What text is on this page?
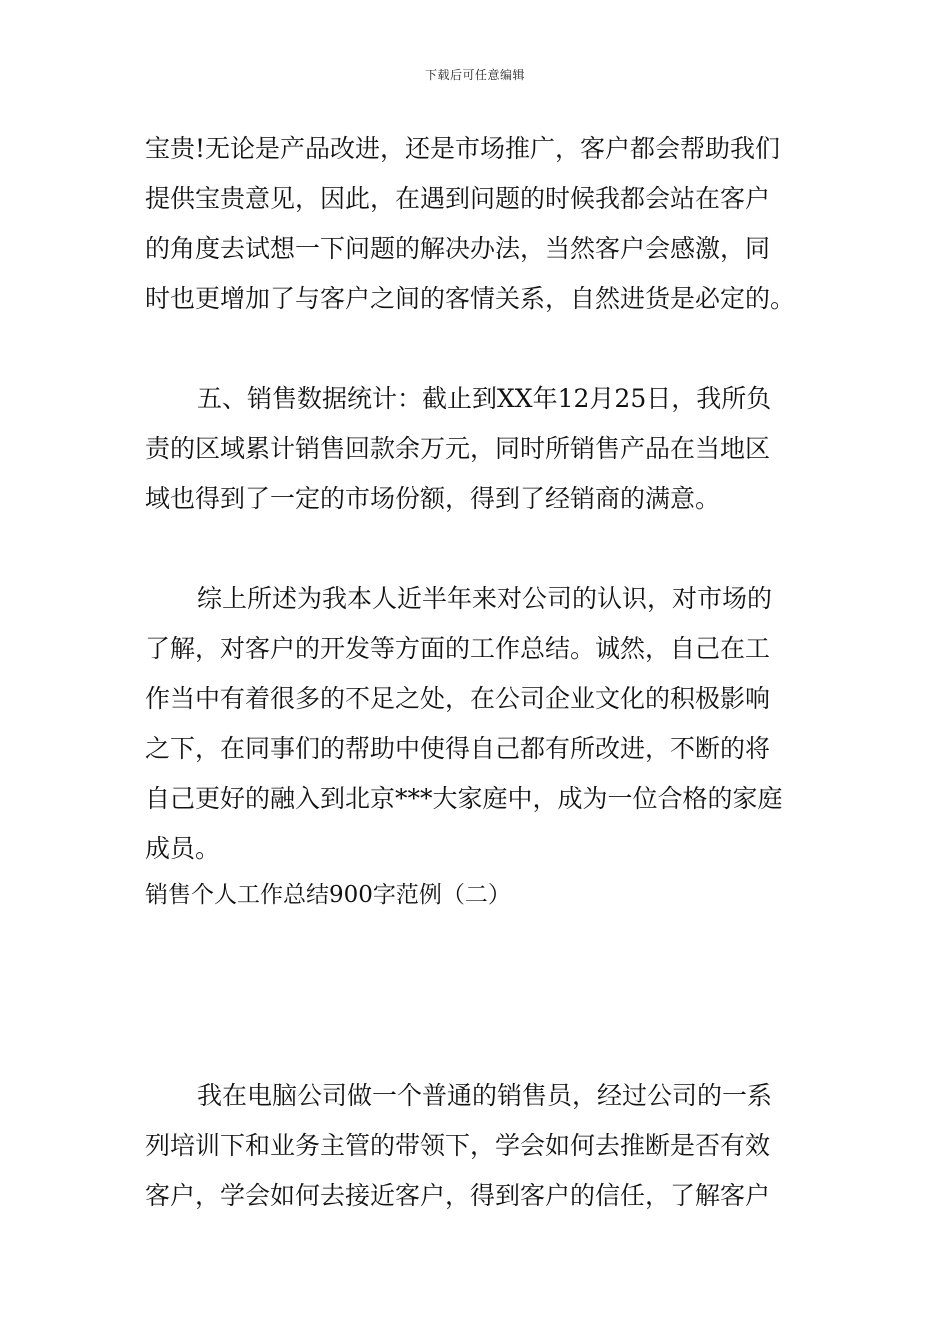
下载后可任意编辑
宝贵!无论是产品改进，还是市场推广，客户都会帮助我们
提供宝贵意见，因此，在遇到问题的时候我都会站在客户
的角度去试想一下问题的解决办法，当然客户会感激，同
时也更增加了与客户之间的客情关系，自然进货是必定的。
五、销售数据统计：截止到XX年12月25日，我所负
责的区域累计销售回款余万元，同时所销售产品在当地区
域也得到了一定的市场份额，得到了经销商的满意。
综上所述为我本人近半年来对公司的认识，对市场的
了解，对客户的开发等方面的工作总结。诚然，自己在工
作当中有着很多的不足之处，在公司企业文化的积极影响
之下，在同事们的帮助中使得自己都有所改进，不断的将
自己更好的融入到北京***大家庭中，成为一位合格的家庭
成员。
销售个人工作总结900字范例（二）
我在电脑公司做一个普通的销售员，经过公司的一系
列培训下和业务主管的带领下，学会如何去推断是否有效
客户，学会如何去接近客户，得到客户的信任，了解客户
